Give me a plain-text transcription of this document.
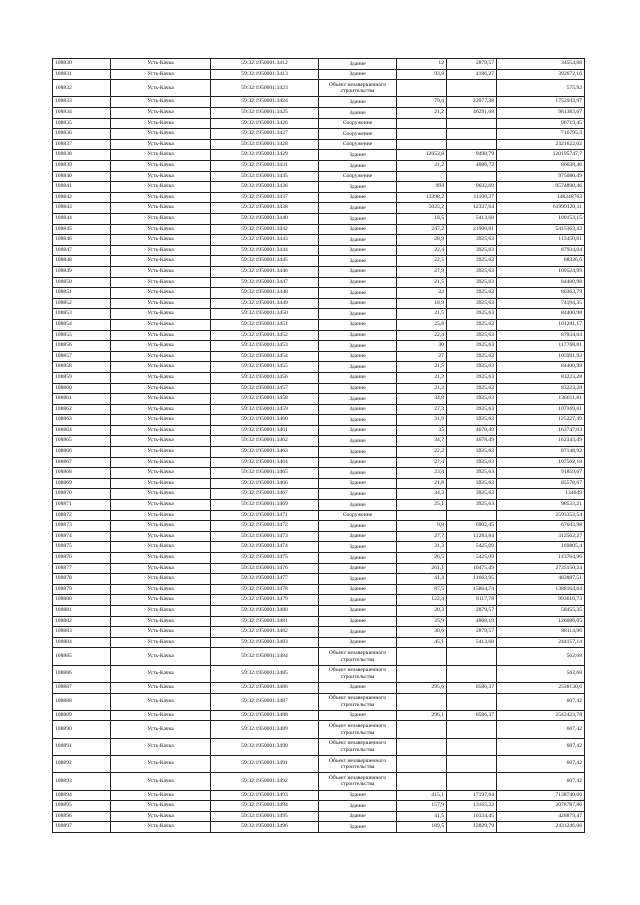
108830	Усть-Качка	59:32:1950001:3412	Здание	12	2879,57	34554,88
108831	Усть-Качка	59:32:1950001:3413	Здание	93,8	4186,27	392672,16
108832	Усть-Качка	59:32:1950001:3423	Объект незавершенного строительства			575,92
108833	Усть-Качка	59:32:1950001:3424	Здание	79,4	22077,38	1752943,97
108834	Усть-Качка	59:32:1950001:3425	Здание	21,2	46291,68	981383,67
108835	Усть-Качка	59:32:1950001:3426	Сооружение			96719,45
108836	Усть-Качка	59:32:1950001:3427	Сооружение			716795,3
108837	Усть-Качка	59:32:1950001:3428	Сооружение			2321622,02
108838	Усть-Качка	59:32:1950001:3429	Здание	12653,8	9498,79	120195747,7
108839	Усть-Качка	59:32:1950001:3431	Здание	21,2	4086,72	86638,46
108840	Усть-Качка	59:32:1950001:3435	Сооружение			975080,49
108841	Усть-Качка	59:32:1950001:3436	Здание	994	9632,69	9574890,46
108842	Усть-Качка	59:32:1950001:3437	Здание	13398,2	11106,27	148248763
108843	Усть-Качка	59:32:1950001:3438	Здание	5025,2	12337,64	61999120,11
108844	Усть-Качка	59:32:1950001:3440	Здание	18,5	5413,68	100153,15
108845	Усть-Качка	59:32:1950001:3442	Здание	247,2	21906,81	5415363,43
108846	Усть-Качка	59:32:1950001:3443	Здание	28,9	3925,63	113450,61
108847	Усть-Качка	59:32:1950001:3444	Здание	22,4	3925,63	87934,04
108848	Усть-Качка	59:32:1950001:3445	Здание	22,5	3925,63	88326,6
108849	Усть-Качка	59:32:1950001:3446	Здание	27,9	3925,63	109524,99
108850	Усть-Качка	59:32:1950001:3447	Здание	21,5	3925,63	84400,98
108851	Усть-Качка	59:32:1950001:3448	Здание	22	3925,63	86363,79
108852	Усть-Качка	59:32:1950001:3449	Здание	18,9	3925,63	74194,35
108853	Усть-Качка	59:32:1950001:3450	Здание	21,5	3925,63	84400,98
108854	Усть-Качка	59:32:1950001:3451	Здание	25,8	3925,63	101281,17
108855	Усть-Качка	59:32:1950001:3452	Здание	22,4	3925,63	87934,04
108856	Усть-Качка	59:32:1950001:3453	Здание	30	3925,63	117768,81
108857	Усть-Качка	59:32:1950001:3454	Здание	27	3925,63	105991,93
108858	Усть-Качка	59:32:1950001:3455	Здание	21,5	3925,63	84400,98
108859	Усть-Качка	59:32:1950001:3456	Здание	21,2	3925,63	83223,28
108860	Усть-Качка	59:32:1950001:3457	Здание	21,2	3925,63	83223,28
108861	Усть-Качка	59:32:1950001:3458	Здание	34,8	3925,63	136611,81
108862	Усть-Качка	59:32:1950001:3459	Здание	27,3	3925,63	107169,61
108863	Усть-Качка	59:32:1950001:3460	Здание	31,9	3925,63	125227,49
108864	Усть-Качка	59:32:1950001:3461	Здание	35	4678,49	163747,03
108865	Усть-Качка	59:32:1950001:3462	Здание	34,7	4678,49	162343,49
108866	Усть-Качка	59:32:1950001:3463	Здание	22,2	3925,63	87148,92
108867	Усть-Качка	59:32:1950001:3464	Здание	27,4	3925,63	107562,18
108868	Усть-Качка	59:32:1950001:3465	Здание	23,4	3925,63	91859,67
108869	Усть-Качка	59:32:1950001:3466	Здание	21,8	3925,63	85578,67
108870	Усть-Качка	59:32:1950001:3467	Здание	34,3	3925,63	134649
108871	Усть-Качка	59:32:1950001:3469	Здание	25,1	3925,63	98533,21
108872	Усть-Качка	59:32:1950001:3471	Сооружение			2593352,54
108873	Усть-Качка	59:32:1950001:3472	Здание	9,8	6902,45	67643,98
108874	Усть-Качка	59:32:1950001:3473	Здание	27,7	11283,84	312562,27
108875	Усть-Качка	59:32:1950001:3474	Здание	31,3	5425,09	169805,4
108876	Усть-Качка	59:32:1950001:3475	Здание	26,5	5425,09	143764,96
108877	Усть-Качка	59:32:1950001:3476	Здание	261,1	10475,49	2735150,24
108878	Усть-Качка	59:32:1950001:3477	Здание	41,4	11663,95	482887,51
108879	Усть-Качка	59:32:1950001:3478	Здание	87,5	15864,74	1388164,64
108880	Усть-Качка	59:32:1950001:3479	Здание	122,4	8117,78	993616,73
108881	Усть-Качка	59:32:1950001:3480	Здание	20,3	2879,57	58455,35
108882	Усть-Качка	59:32:1950001:3481	Здание	25,9	4868,19	126086,05
108883	Усть-Качка	59:32:1950001:3482	Здание	30,6	2879,57	88114,96
108884	Усть-Качка	59:32:1950001:3483	Здание	45,1	5413,68	244157,14
108885	Усть-Качка	59:32:1950001:3484	Объект незавершенного строительства			562,68
108886	Усть-Качка	59:32:1950001:3485	Объект незавершенного строительства			562,68
108887	Усть-Качка	59:32:1950001:3486	Здание	295,6	8586,37	2538130,6
108888	Усть-Качка	59:32:1950001:3487	Объект незавершенного строительства			607,42
108889	Усть-Качка	59:32:1950001:3488	Здание	296,1	8586,37	2542423,78
108890	Усть-Качка	59:32:1950001:3489	Объект незавершенного строительства			607,42
108891	Усть-Качка	59:32:1950001:3490	Объект незавершенного строительства			607,42
108892	Усть-Качка	59:32:1950001:3491	Объект незавершенного строительства			607,42
108893	Усть-Качка	59:32:1950001:3492	Объект незавершенного строительства			607,42
108894	Усть-Качка	59:32:1950001:3493	Здание	415,1	17197,64	7138740,66
108895	Усть-Качка	59:32:1950001:3494	Здание	157,9	13165,22	2078787,86
108896	Усть-Качка	59:32:1950001:3495	Здание	41,5	10334,45	428879,47
108897	Усть-Качка	59:32:1950001:3496	Здание	189,5	12829,79	2431246,06
